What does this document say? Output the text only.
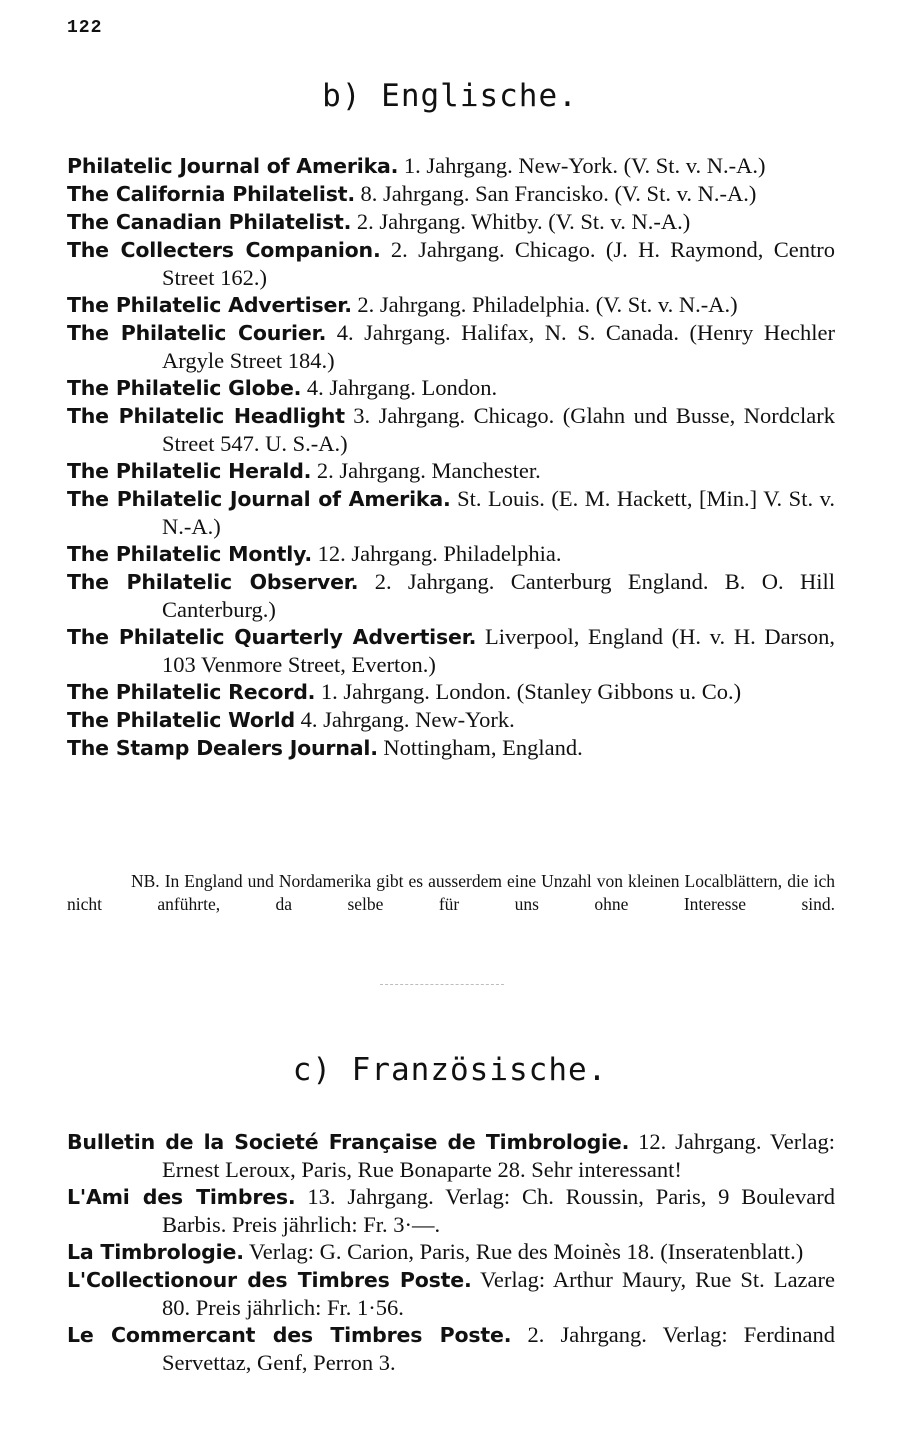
122
b) Englische.
Philatelic Journal of Amerika. 1. Jahrgang. New-York. (V. St. v. N.-A.)
The California Philatelist. 8. Jahrgang. San Francisko. (V. St. v. N.-A.)
The Canadian Philatelist. 2. Jahrgang. Whitby. (V. St. v. N.-A.)
The Collecters Companion. 2. Jahrgang. Chicago. (J. H. Raymond, Centro Street 162.)
The Philatelic Advertiser. 2. Jahrgang. Philadelphia. (V. St. v. N.-A.)
The Philatelic Courier. 4. Jahrgang. Halifax, N. S. Canada. (Henry Hechler Argyle Street 184.)
The Philatelic Globe. 4. Jahrgang. London.
The Philatelic Headlight 3. Jahrgang. Chicago. (Glahn und Busse, Nordclark Street 547. U. S.-A.)
The Philatelic Herald. 2. Jahrgang. Manchester.
The Philatelic Journal of Amerika. St. Louis. (E. M. Hackett, [Min.] V. St. v. N.-A.)
The Philatelic Montly. 12. Jahrgang. Philadelphia.
The Philatelic Observer. 2. Jahrgang. Canterburg England. B. O. Hill Canterburg.)
The Philatelic Quarterly Advertiser. Liverpool, England (H. v. H. Darson, 103 Venmore Street, Everton.)
The Philatelic Record. 1. Jahrgang. London. (Stanley Gibbons u. Co.)
The Philatelic World 4. Jahrgang. New-York.
The Stamp Dealers Journal. Nottingham, England.

NB. In England und Nordamerika gibt es ausserdem eine Unzahl von kleinen Localblättern, die ich nicht anführte, da selbe für uns ohne Interesse sind.

c) Französische.
Bulletin de la Societé Française de Timbrologie. 12. Jahrgang. Verlag: Ernest Leroux, Paris, Rue Bonaparte 28. Sehr interessant!
L'Ami des Timbres. 13. Jahrgang. Verlag: Ch. Roussin, Paris, 9 Boulevard Barbis. Preis jährlich: Fr. 3·—.
La Timbrologie. Verlag: G. Carion, Paris, Rue des Moinès 18. (Inseratenblatt.)
L'Collectionour des Timbres Poste. Verlag: Arthur Maury, Rue St. Lazare 80. Preis jährlich: Fr. 1·56.
Le Commercant des Timbres Poste. 2. Jahrgang. Verlag: Ferdinand Servettaz, Genf, Perron 3.
